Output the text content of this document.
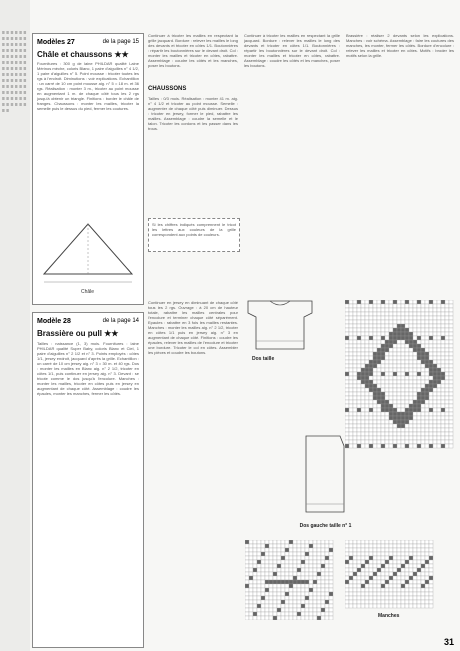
≡ ≡ ≡ ≡ ≡ ≡ ≡ ≡ ≡ ≡ ≡ ≡ ≡ ≡ ≡ ≡ ≡ ≡ ≡ ≡ ≡ ≡ ≡ ≡ ≡ ≡ ≡ ≡ ≡ ≡ ≡ ≡ ≡ ≡ ≡ ≡ ≡ ≡ ≡ ≡ ≡ ≡ ≡ ≡ ≡ ≡ ≡ ≡ ≡ ≡ ≡ ≡ ≡ ≡ ≡ ≡ ≡ ≡ ≡ ≡ ≡ ≡ ≡ ≡ ≡ ≡ ≡ ≡ ≡ ≡ ≡ ≡ ≡ ≡ ≡ ≡ ≡ ≡ ≡ ≡
Modèles 27	de la page 15
Châle et chaussons ★★
Fournitures : 300 g de laine PHILDAR qualité Laine Mérinos mèche, coloris Blanc, 1 paire d'aiguilles n° 4 1/2, 1 paire d'aiguilles n° 5. Point mousse : tricoter toutes les rgs à l'endroit. Diminutions : voir explications. Echantillon : un carré de 10 cm point mousse aig. n° 5 = 18 m. et 36 rgs. Réalisation : monter 3 m., tricoter au point mousse en augmentant 1 m. de chaque côté tous les 2 rgs jusqu'à obtenir un triangle. Finitions : border le châle de franges. Chaussons : monter les mailles, tricoter la semelle puis le dessus du pied, fermer les coutures.
Châle
Modèle 28	de la page 14
Brassière ou pull ★★
Tailles : naissance (1, 3) mois. Fournitures : laine PHILDAR qualité Super Baby, coloris Blanc et Ciel, 1 paire d'aiguilles n° 2 1/2 et n° 3. Points employés : côtes 1/1, jersey endroit, jacquard d'après la grille. Echantillon : un carré de 10 cm jersey aig. n° 3 = 30 m. et 40 rgs. Dos : monter les mailles en Blanc aig. n° 2 1/2, tricoter en côtes 1/1, puis continuer en jersey aig. n° 3. Devant : se tricote comme le dos jusqu'à l'encolure. Manches : monter les mailles, tricoter en côtes puis en jersey en augmentant de chaque côté. Assemblage : coudre les épaules, monter les manches, fermer les côtés.
Continuer à tricoter les mailles en respectant la grille jacquard. Bordure : relever les mailles le long des devants et tricoter en côtes 1/1. Boutonnières : répartir les boutonnières sur le devant droit. Col : monter les mailles et tricoter en côtes, rabattre. Assemblage : coudre les côtés et les manches, poser les boutons.
CHAUSSONS
Tailles : 0/3 mois. Réalisation : monter 41 m. aig. n° 4 1/2 et tricoter au point mousse. Semelle : augmenter de chaque côté puis diminuer. Dessus : tricoter en jersey, former le pied, rabattre les mailles. Assemblage : coudre la semelle et le talon. Tricoter les cordons et les passer dans les trous.
Si les chiffres indiqués comprennent le tricot les lettres aux couleurs de la grille correspondent aux points de couleurs.
Continuer en jersey en diminuant de chaque côté tous les 2 rgs. Ouvrage : à 20 cm de hauteur totale, rabattre les mailles centrales pour l'encolure et terminer chaque côté séparément. Epaules : rabattre en 3 fois les mailles restantes. Manches : monter les mailles aig. n° 2 1/2, tricoter en côtes 1/1 puis en jersey aig. n° 3 en augmentant de chaque côté. Finitions : coudre les épaules, relever les mailles de l'encolure et tricoter une bordure. Tricoter le col en côtes. Assembler les pièces et coudre les boutons.
Continuer à tricoter les mailles en respectant la grille jacquard. Bordure : relever les mailles le long des devants et tricoter en côtes 1/1. Boutonnières : répartir les boutonnières sur le devant droit. Col : monter les mailles et tricoter en côtes, rabattre. Assemblage : coudre les côtés et les manches, poser les boutons.
Dos taille
Dos gauche taille n° 1
Brassière : réaliser 2 devants selon les explications. Manches : voir schéma. Assemblage : faire les coutures des manches, les monter, fermer les côtés. Bordure d'encolure : relever les mailles et tricoter en côtes. Motifs : broder les motifs selon la grille.
Manches
31
